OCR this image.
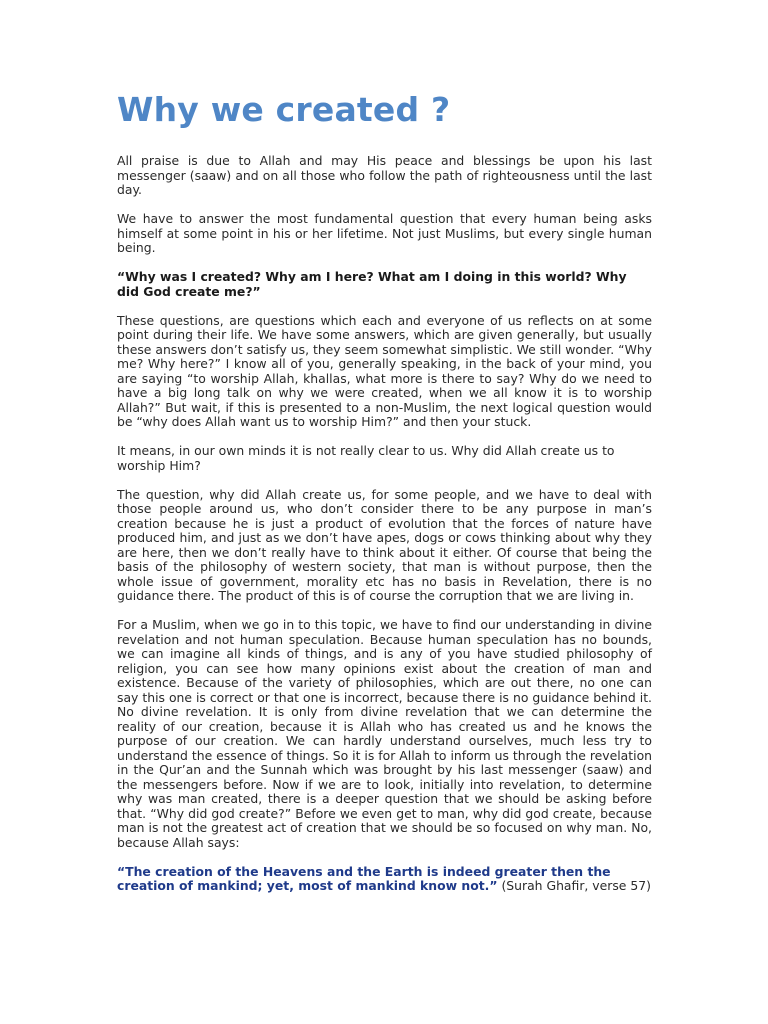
Why we created ?

All praise is due to Allah and may His peace and blessings be upon his last messenger (saaw) and on all those who follow the path of righteousness until the last day.

We have to answer the most fundamental question that every human being asks himself at some point in his or her lifetime. Not just Muslims, but every single human being.

“Why was I created? Why am I here? What am I doing in this world? Why did God create me?”

These questions, are questions which each and everyone of us reflects on at some point during their life. We have some answers, which are given generally, but usually these answers don’t satisfy us, they seem somewhat simplistic. We still wonder. “Why me? Why here?” I know all of you, generally speaking, in the back of your mind, you are saying “to worship Allah, khallas, what more is there to say? Why do we need to have a big long talk on why we were created, when we all know it is to worship Allah?” But wait, if this is presented to a non-Muslim, the next logical question would be “why does Allah want us to worship Him?” and then your stuck.

It means, in our own minds it is not really clear to us. Why did Allah create us to worship Him?

The question, why did Allah create us, for some people, and we have to deal with those people around us, who don’t consider there to be any purpose in man’s creation because he is just a product of evolution that the forces of nature have produced him, and just as we don’t have apes, dogs or cows thinking about why they are here, then we don’t really have to think about it either. Of course that being the basis of the philosophy of western society, that man is without purpose, then the whole issue of government, morality etc has no basis in Revelation, there is no guidance there. The product of this is of course the corruption that we are living in.

For a Muslim, when we go in to this topic, we have to find our understanding in divine revelation and not human speculation. Because human speculation has no bounds, we can imagine all kinds of things, and is any of you have studied philosophy of religion, you can see how many opinions exist about the creation of man and existence. Because of the variety of philosophies, which are out there, no one can say this one is correct or that one is incorrect, because there is no guidance behind it. No divine revelation. It is only from divine revelation that we can determine the reality of our creation, because it is Allah who has created us and he knows the purpose of our creation. We can hardly understand ourselves, much less try to understand the essence of things. So it is for Allah to inform us through the revelation in the Qur’an and the Sunnah which was brought by his last messenger (saaw) and the messengers before. Now if we are to look, initially into revelation, to determine why was man created, there is a deeper question that we should be asking before that. “Why did god create?” Before we even get to man, why did god create, because man is not the greatest act of creation that we should be so focused on why man. No, because Allah says:

“The creation of the Heavens and the Earth is indeed greater then the creation of mankind; yet, most of mankind know not.” (Surah Ghafir, verse 57)
